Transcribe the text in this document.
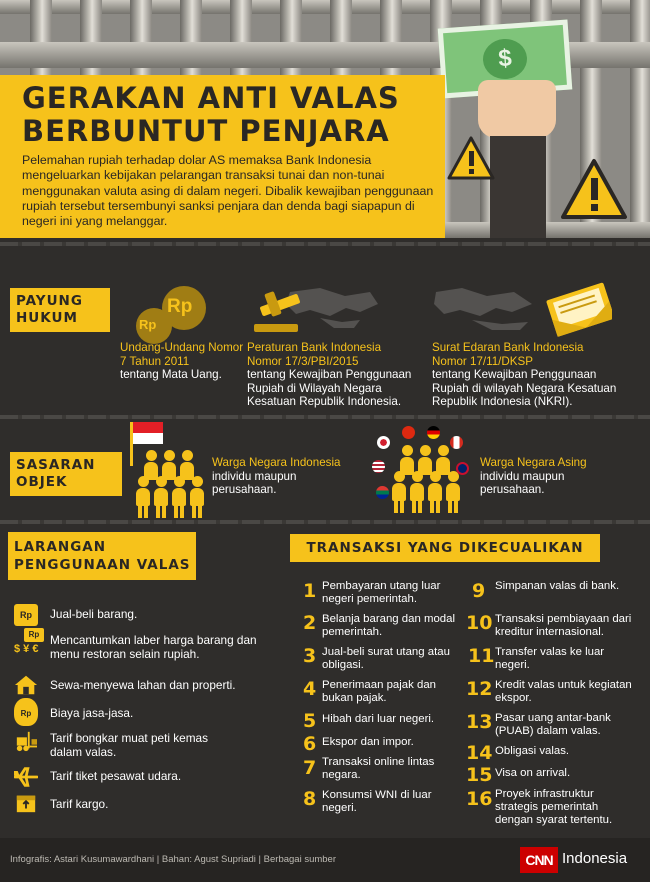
$
GERAKAN ANTI VALAS
BERBUNTUT PENJARA
Pelemahan rupiah terhadap dolar AS memaksa Bank Indonesia mengeluarkan kebijakan pelarangan transaksi tunai dan non-tunai menggunakan valuta asing di dalam negeri. Dibalik kewajiban penggunaan rupiah tersebut tersembunyi sanksi penjara dan denda bagi siapapun di negeri ini yang melanggar.
PAYUNG
HUKUM	Rp
Rp
Undang-Undang Nomor 7 Tahun 2011
tentang Mata Uang.
Peraturan Bank Indonesia Nomor 17/3/PBI/2015
tentang Kewajiban Penggunaan Rupiah di Wilayah Negara Kesatuan Republik Indonesia.
Surat Edaran Bank Indonesia Nomor 17/11/DKSP
tentang Kewajiban Penggunaan Rupiah di wilayah Negara Kesatuan Republik Indonesia (NKRI).
SASARAN
OBJEK
Warga Negara Indonesia
individu maupun perusahaan.
Warga Negara Asing
individu maupun perusahaan.
LARANGAN
PENGGUNAAN VALAS
Rp	Jual-beli barang.
Rp
$ ¥ €
Mencantumkan laber harga barang dan menu restoran selain rupiah.
Sewa-menyewa lahan dan properti.
Rp	Biaya jasa-jasa.
Tarif bongkar muat peti kemas dalam valas.
Tarif tiket pesawat udara.
Tarif kargo.
TRANSAKSI YANG DIKECUALIKAN
1 Pembayaran utang luar negeri pemerintah.
2 Belanja barang dan modal pemerintah.
3 Jual-beli surat utang atau obligasi.
4 Penerimaan pajak dan bukan pajak.
5 Hibah dari luar negeri.
6 Ekspor dan impor.
7 Transaksi online lintas negara.
8 Konsumsi WNI di luar negeri.
9 Simpanan valas di bank.
10 Transaksi pembiayaan dari kreditur internasional.
11 Transfer valas ke luar negeri.
12 Kredit valas untuk kegiatan ekspor.
13 Pasar uang antar-bank (PUAB) dalam valas.
14 Obligasi valas.
15 Visa on arrival.
16 Proyek infrastruktur strategis pemerintah dengan syarat tertentu.
Infografis: Astari Kusumawardhani | Bahan: Agust Supriadi | Berbagai sumber	CNN Indonesia
